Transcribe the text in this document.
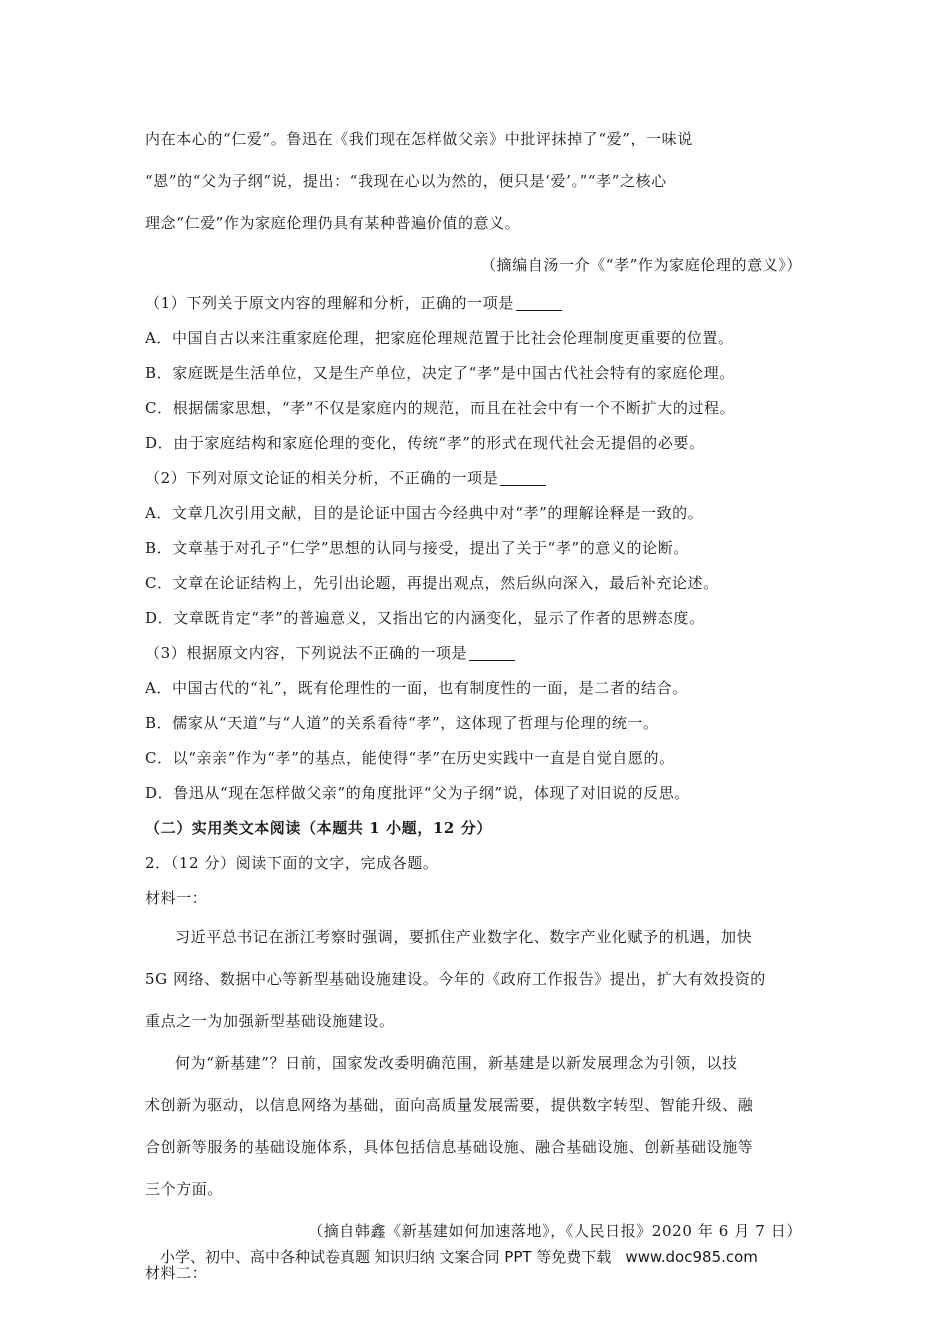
内在本心的“仁爱”。鲁迅在《我们现在怎样做父亲》中批评抹掉了“爱”，一味说
“恩”的“父为子纲”说，提出：“我现在心以为然的，便只是‘爱’。”“孝”之核心
理念“仁爱”作为家庭伦理仍具有某种普遍价值的意义。
（摘编自汤一介《“孝”作为家庭伦理的意义》）
（1）下列关于原文内容的理解和分析，正确的一项是
A．中国自古以来注重家庭伦理，把家庭伦理规范置于比社会伦理制度更重要的位置。
B．家庭既是生活单位，又是生产单位，决定了“孝”是中国古代社会特有的家庭伦理。
C．根据儒家思想，“孝”不仅是家庭内的规范，而且在社会中有一个不断扩大的过程。
D．由于家庭结构和家庭伦理的变化，传统“孝”的形式在现代社会无提倡的必要。
（2）下列对原文论证的相关分析，不正确的一项是
A．文章几次引用文献，目的是论证中国古今经典中对“孝”的理解诠释是一致的。
B．文章基于对孔子“仁学”思想的认同与接受，提出了关于“孝”的意义的论断。
C．文章在论证结构上，先引出论题，再提出观点，然后纵向深入，最后补充论述。
D．文章既肯定“孝”的普遍意义，又指出它的内涵变化，显示了作者的思辨态度。
（3）根据原文内容，下列说法不正确的一项是
A．中国古代的“礼”，既有伦理性的一面，也有制度性的一面，是二者的结合。
B．儒家从“天道”与“人道”的关系看待“孝”，这体现了哲理与伦理的统一。
C．以“亲亲”作为“孝”的基点，能使得“孝”在历史实践中一直是自觉自愿的。
D．鲁迅从“现在怎样做父亲”的角度批评“父为子纲”说，体现了对旧说的反思。
（二）实用类文本阅读（本题共 1 小题，12 分）
2．（12 分）阅读下面的文字，完成各题。
材料一：
习近平总书记在浙江考察时强调，要抓住产业数字化、数字产业化赋予的机遇，加快
5G 网络、数据中心等新型基础设施建设。今年的《政府工作报告》提出，扩大有效投资的
重点之一为加强新型基础设施建设。
何为“新基建”？日前，国家发改委明确范围，新基建是以新发展理念为引领，以技
术创新为驱动，以信息网络为基础，面向高质量发展需要，提供数字转型、智能升级、融
合创新等服务的基础设施体系，具体包括信息基础设施、融合基础设施、创新基础设施等
三个方面。
（摘自韩鑫《新基建如何加速落地》，《人民日报》2020 年 6 月 7 日）
材料二：
小学、初中、高中各种试卷真题 知识归纳 文案合同 PPT 等免费下载 www.doc985.com
